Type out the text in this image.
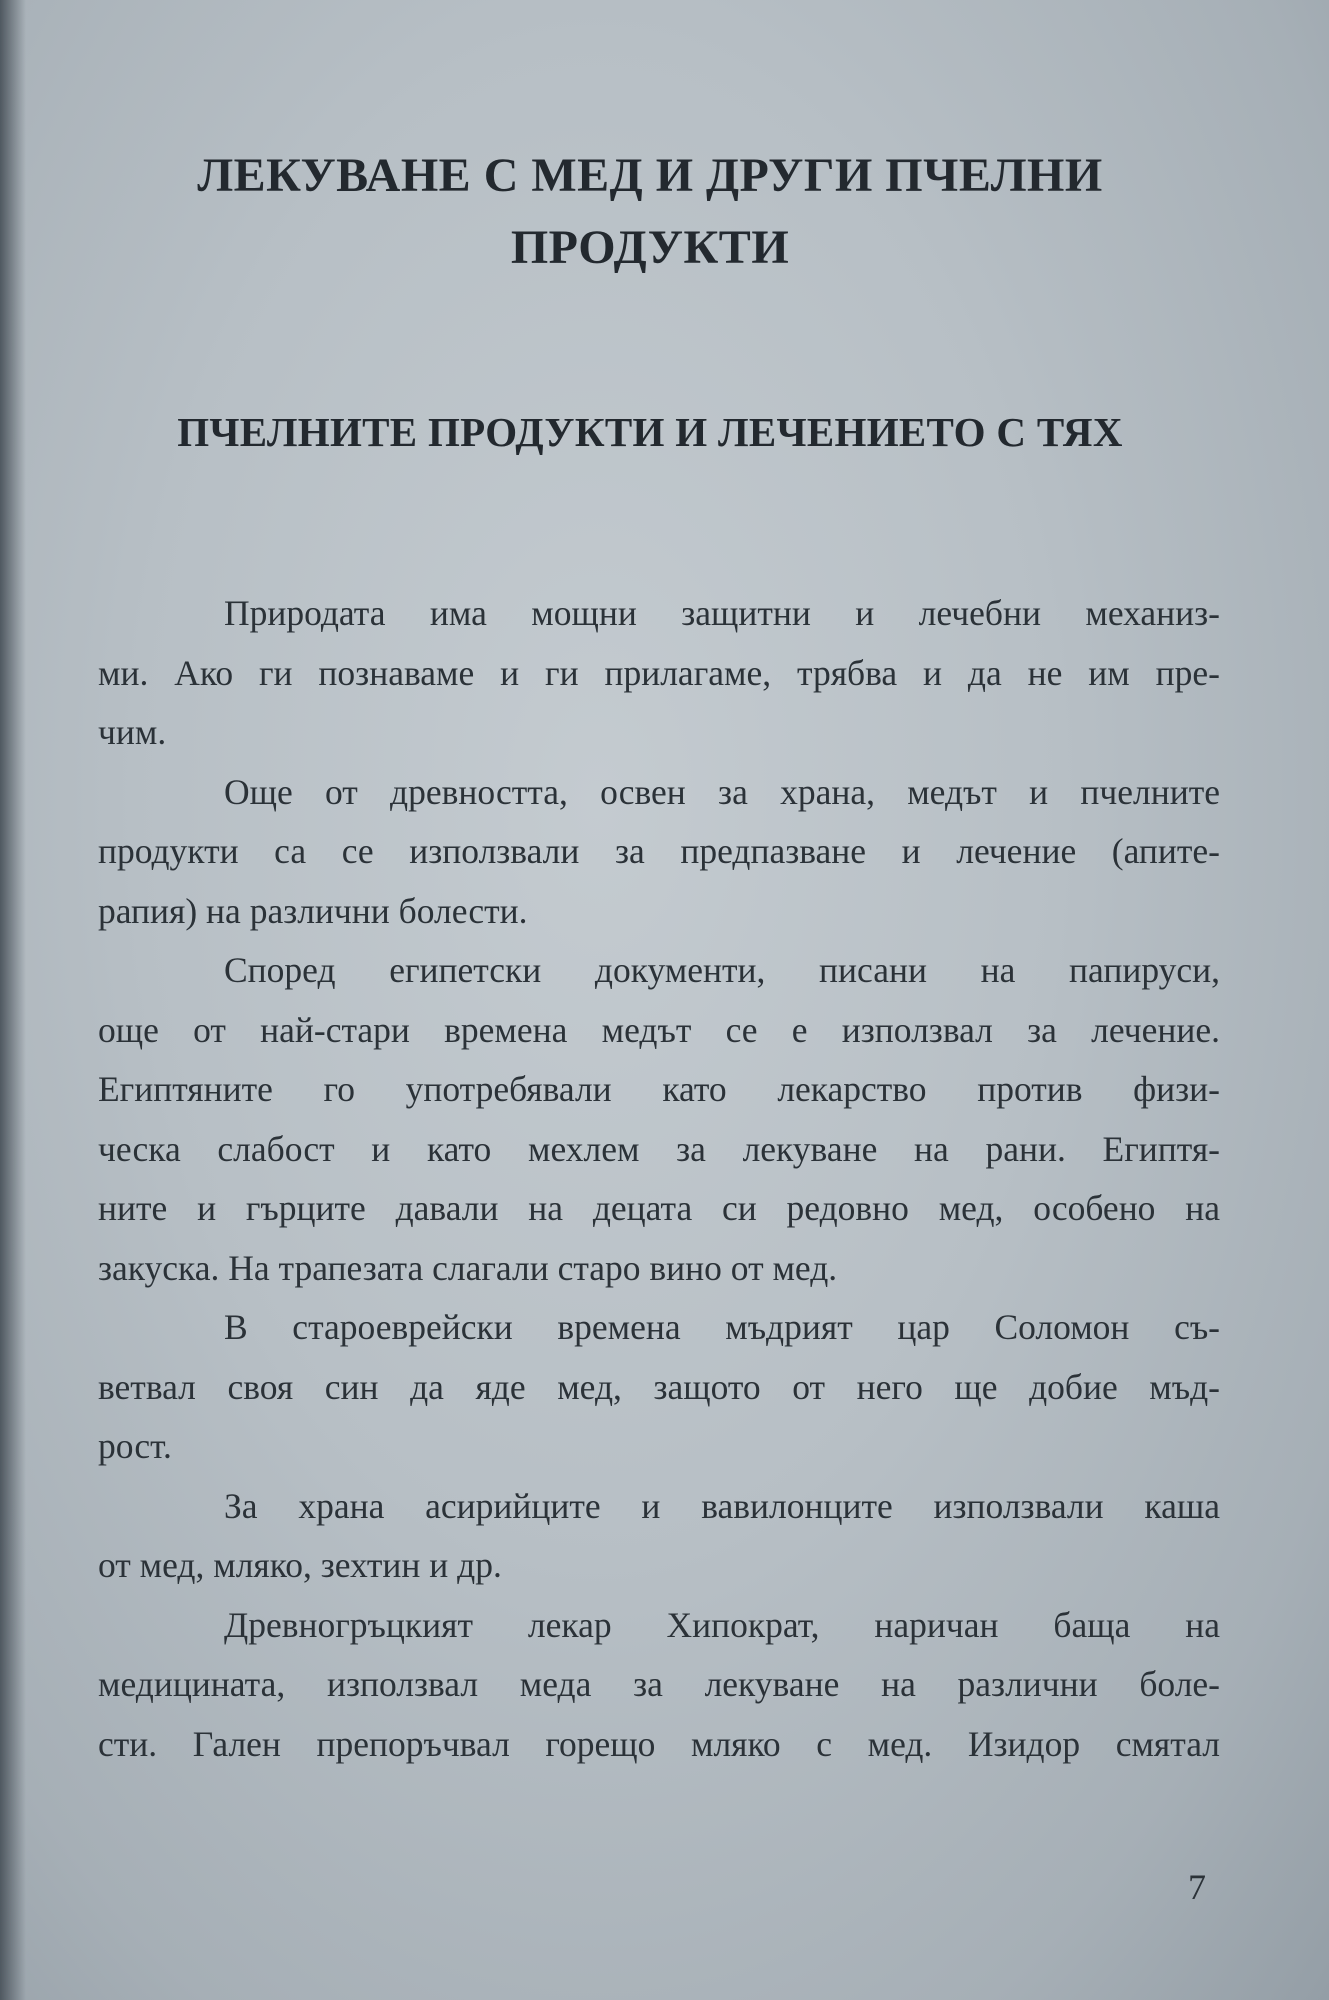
ЛЕКУВАНЕ С МЕД И ДРУГИ ПЧЕЛНИ
ПРОДУКТИ
ПЧЕЛНИТЕ ПРОДУКТИ И ЛЕЧЕНИЕТО С ТЯХ
Природата има мощни защитни и лечебни механиз-
ми. Ако ги познаваме и ги прилагаме, трябва и да не им пре-
чим.
Още от древността, освен за храна, медът и пчелните
продукти са се използвали за предпазване и лечение (апите-
рапия) на различни болести.
Според египетски документи, писани на папируси,
още от най-стари времена медът се е използвал за лечение.
Египтяните го употребявали като лекарство против физи-
ческа слабост и като мехлем за лекуване на рани. Египтя-
ните и гърците давали на децата си редовно мед, особено на
закуска. На трапезата слагали старо вино от мед.
В староеврейски времена мъдрият цар Соломон съ-
ветвал своя син да яде мед, защото от него ще добие мъд-
рост.
За храна асирийците и вавилонците използвали каша
от мед, мляко, зехтин и др.
Древногръцкият лекар Хипократ, наричан баща на
медицината, използвал меда за лекуване на различни боле-
сти. Гален препоръчвал горещо мляко с мед. Изидор смятал
7
